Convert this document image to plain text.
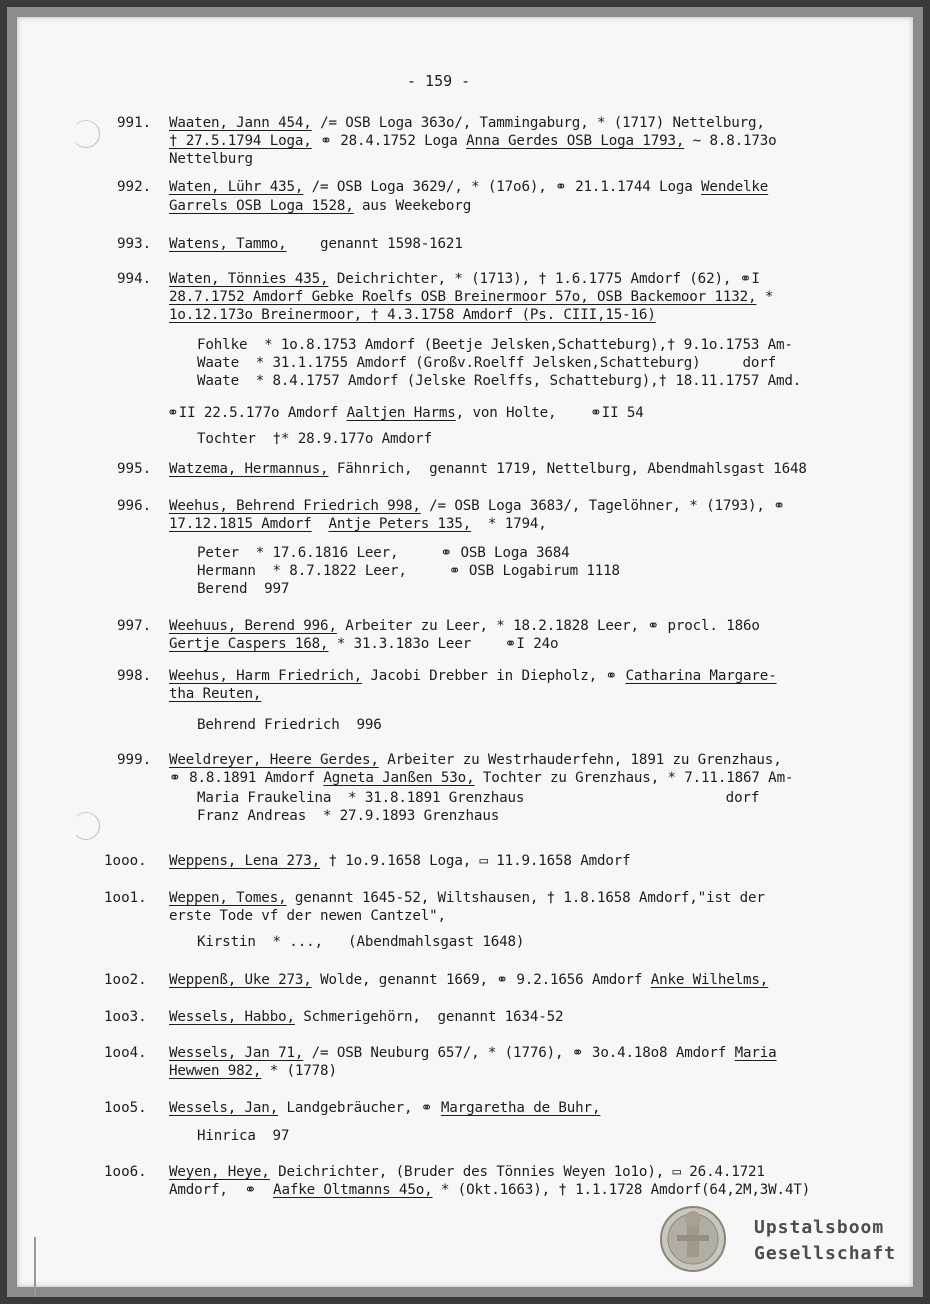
- 159 -
991. Waaten, Jann 454, /= OSB Loga 363o/, Tammingaburg, * (1717) Nettelburg,
† 27.5.1794 Loga, ⚭ 28.4.1752 Loga Anna Gerdes OSB Loga 1793, ~ 8.8.173o
Nettelburg
992. Waten, Lühr 435, /= OSB Loga 3629/, * (17o6), ⚭ 21.1.1744 Loga Wendelke
Garrels OSB Loga 1528, aus Weekeborg
993. Watens, Tammo,    genannt 1598-1621
994. Waten, Tönnies 435, Deichrichter, * (1713), † 1.6.1775 Amdorf (62), ⚭I
28.7.1752 Amdorf Gebke Roelfs OSB Breinermoor 57o, OSB Backemoor 1132, *
1o.12.173o Breinermoor, † 4.3.1758 Amdorf (Ps. CIII,15-16)
Fohlke  * 1o.8.1753 Amdorf (Beetje Jelsken,Schatteburg),† 9.1o.1753 Am-
Waate  * 31.1.1755 Amdorf (Großv.Roelff Jelsken,Schatteburg)     dorf
Waate  * 8.4.1757 Amdorf (Jelske Roelffs, Schatteburg),† 18.11.1757 Amd.
⚭II 22.5.177o Amdorf Aaltjen Harms, von Holte,    ⚭II 54
Tochter  †* 28.9.177o Amdorf
995. Watzema, Hermannus, Fähnrich,  genannt 1719, Nettelburg, Abendmahlsgast 1648
996. Weehus, Behrend Friedrich 998, /= OSB Loga 3683/, Tagelöhner, * (1793), ⚭
17.12.1815 Amdorf Antje Peters 135,  * 1794,
Peter  * 17.6.1816 Leer,     ⚭ OSB Loga 3684
Hermann  * 8.7.1822 Leer,     ⚭ OSB Logabirum 1118
Berend  997
997. Weehuus, Berend 996, Arbeiter zu Leer, * 18.2.1828 Leer, ⚭ procl. 186o
Gertje Caspers 168, * 31.3.183o Leer    ⚭I 24o
998. Weehus, Harm Friedrich, Jacobi Drebber in Diepholz, ⚭ Catharina Margare-
tha Reuten,
Behrend Friedrich  996
999. Weeldreyer, Heere Gerdes, Arbeiter zu Westrhauderfehn, 1891 zu Grenzhaus,
⚭ 8.8.1891 Amdorf Agneta Janßen 53o, Tochter zu Grenzhaus, * 7.11.1867 Am-
Maria Fraukelina  * 31.8.1891 Grenzhaus                        dorf
Franz Andreas  * 27.9.1893 Grenzhaus
1ooo. Weppens, Lena 273, † 1o.9.1658 Loga, ▭ 11.9.1658 Amdorf
1oo1. Weppen, Tomes, genannt 1645-52, Wiltshausen, † 1.8.1658 Amdorf,"ist der
erste Tode vf der newen Cantzel",
Kirstin  * ...,   (Abendmahlsgast 1648)
1oo2. Weppenß, Uke 273, Wolde, genannt 1669, ⚭ 9.2.1656 Amdorf Anke Wilhelms,
1oo3. Wessels, Habbo, Schmerigehörn,  genannt 1634-52
1oo4. Wessels, Jan 71, /= OSB Neuburg 657/, * (1776), ⚭ 3o.4.18o8 Amdorf Maria
Hewwen 982, * (1778)
1oo5. Wessels, Jan, Landgebräucher, ⚭ Margaretha de Buhr,
Hinrica  97
1oo6. Weyen, Heye, Deichrichter, (Bruder des Tönnies Weyen 1o1o), ▭ 26.4.1721
Amdorf,  ⚭  Aafke Oltmanns 45o, * (Okt.1663), † 1.1.1728 Amdorf(64,2M,3W.4T)
Upstalsboom
Gesellschaft
